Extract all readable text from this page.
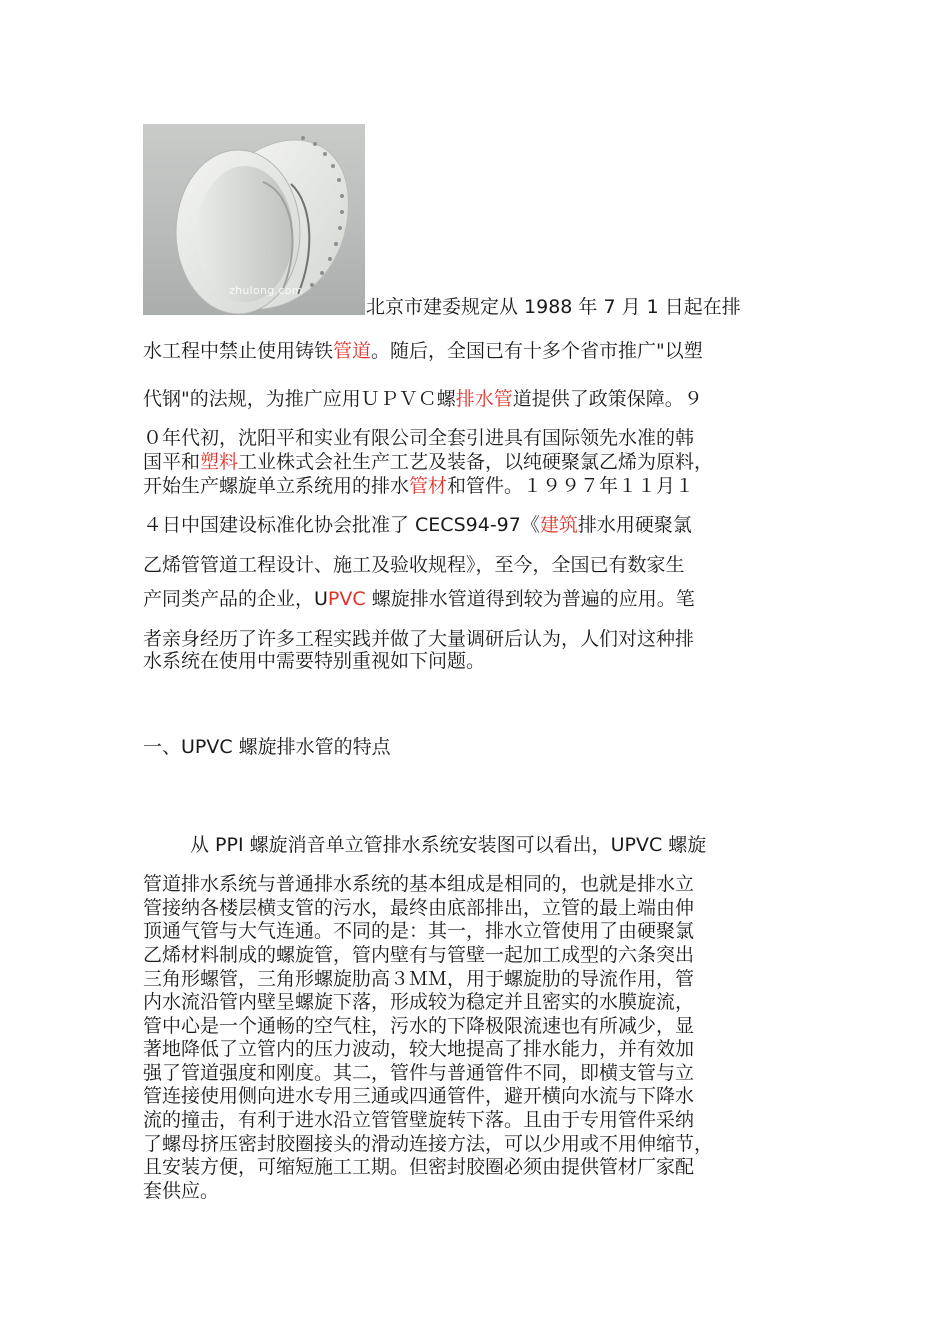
zhulong.com
北京市建委规定从 1988 年 7 月 1 日起在排
水工程中禁止使用铸铁管道。随后，全国已有十多个省市推广"以塑
代钢"的法规，为推广应用ＵＰＶＣ螺排水管道提供了政策保障。９
０年代初，沈阳平和实业有限公司全套引进具有国际领先水准的韩
国平和塑料工业株式会社生产工艺及装备，以纯硬聚氯乙烯为原料，
开始生产螺旋单立系统用的排水管材和管件。１９９７年１１月１
４日中国建设标准化协会批准了 CECS94-97《建筑排水用硬聚氯
乙烯管管道工程设计、施工及验收规程》，至今，全国已有数家生
产同类产品的企业，UPVC 螺旋排水管道得到较为普遍的应用。笔
者亲身经历了许多工程实践并做了大量调研后认为，人们对这种排
水系统在使用中需要特别重视如下问题。
一、UPVC 螺旋排水管的特点
从 PPI 螺旋消音单立管排水系统安装图可以看出，UPVC 螺旋
管道排水系统与普通排水系统的基本组成是相同的，也就是排水立
管接纳各楼层横支管的污水，最终由底部排出，立管的最上端由伸
顶通气管与大气连通。不同的是：其一，排水立管使用了由硬聚氯
乙烯材料制成的螺旋管，管内壁有与管壁一起加工成型的六条突出
三角形螺管，三角形螺旋肋高３ＭＭ，用于螺旋肋的导流作用，管
内水流沿管内壁呈螺旋下落，形成较为稳定并且密实的水膜旋流，
管中心是一个通畅的空气柱，污水的下降极限流速也有所减少，显
著地降低了立管内的压力波动，较大地提高了排水能力，并有效加
强了管道强度和刚度。其二，管件与普通管件不同，即横支管与立
管连接使用侧向进水专用三通或四通管件，避开横向水流与下降水
流的撞击，有利于进水沿立管管壁旋转下落。且由于专用管件采纳
了螺母挤压密封胶圈接头的滑动连接方法，可以少用或不用伸缩节，
且安装方便，可缩短施工工期。但密封胶圈必须由提供管材厂家配
套供应。
